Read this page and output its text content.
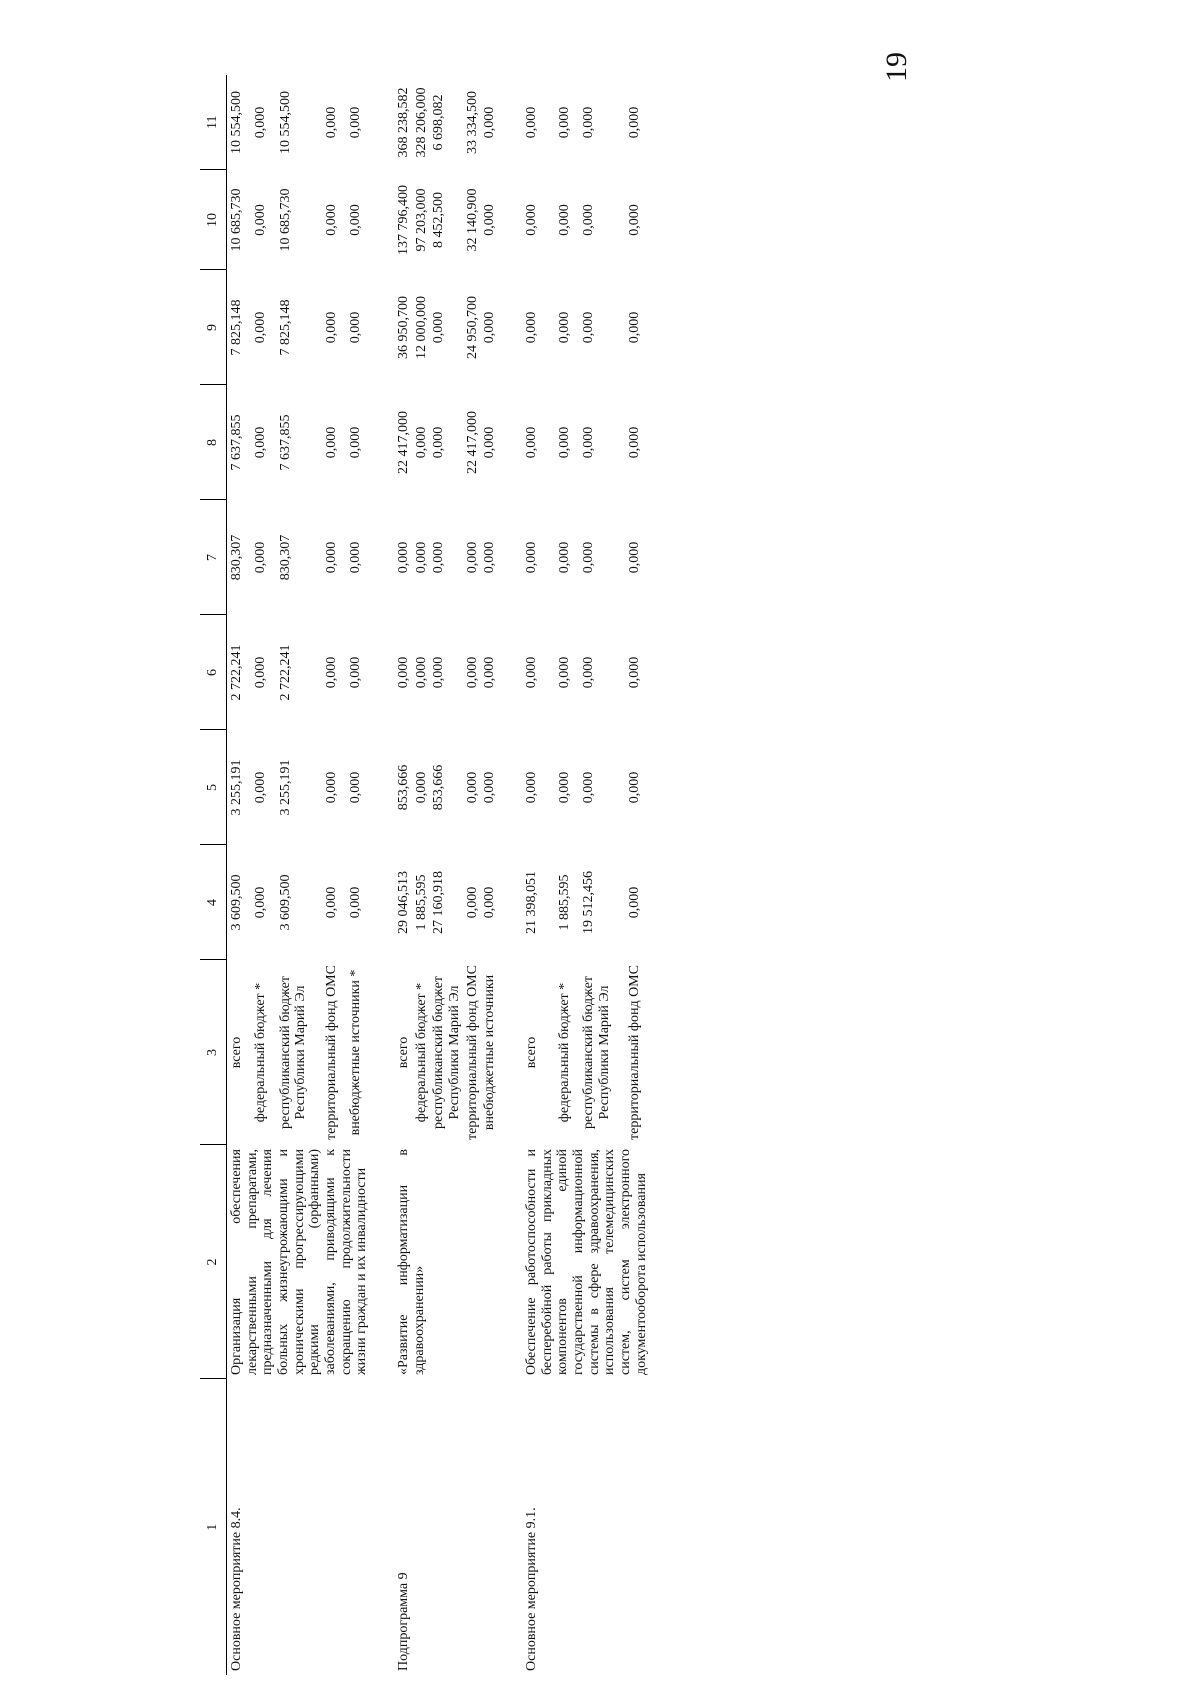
19
1	2	3	4	5	6	7	8	9	10	11
Основное мероприятие 8.4.	Организация обеспечения лекарственными препаратами, предназначенными для лечения больных жизнеугрожающими и хроническими прогрессирующими редкими (орфанными) заболеваниями, приводящими к сокращению продолжительности жизни граждан и их инвалидности	всего	3 609,500	3 255,191	2 722,241	830,307	7 637,855	7 825,148	10 685,730	10 554,500
		федеральный бюджет *	0,000	0,000	0,000	0,000	0,000	0,000	0,000	0,000
		республиканский бюджет Республики Марий Эл	3 609,500	3 255,191	2 722,241	830,307	7 637,855	7 825,148	10 685,730	10 554,500
		территориальный фонд ОМС	0,000	0,000	0,000	0,000	0,000	0,000	0,000	0,000
		внебюджетные источники *	0,000	0,000	0,000	0,000	0,000	0,000	0,000	0,000
Подпрограмма 9	«Развитие информатизации в здравоохранении»	всего	29 046,513	853,666	0,000	0,000	22 417,000	36 950,700	137 796,400	368 238,582
		федеральный бюджет *	1 885,595	0,000	0,000	0,000	0,000	12 000,000	97 203,000	328 206,000
		республиканский бюджет Республики Марий Эл	27 160,918	853,666	0,000	0,000	0,000	0,000	8 452,500	6 698,082
		территориальный фонд ОМС	0,000	0,000	0,000	0,000	22 417,000	24 950,700	32 140,900	33 334,500
		внебюджетные источники	0,000	0,000	0,000	0,000	0,000	0,000	0,000	0,000
Основное мероприятие 9.1.	Обеспечение работоспособности и бесперебойной работы прикладных компонентов единой государственной информационной системы в сфере здравоохранения, использования телемедицинских систем, систем электронного документооборота использования	всего	21 398,051	0,000	0,000	0,000	0,000	0,000	0,000	0,000
		федеральный бюджет *	1 885,595	0,000	0,000	0,000	0,000	0,000	0,000	0,000
		республиканский бюджет Республики Марий Эл	19 512,456	0,000	0,000	0,000	0,000	0,000	0,000	0,000
		территориальный фонд ОМС	0,000	0,000	0,000	0,000	0,000	0,000	0,000	0,000
